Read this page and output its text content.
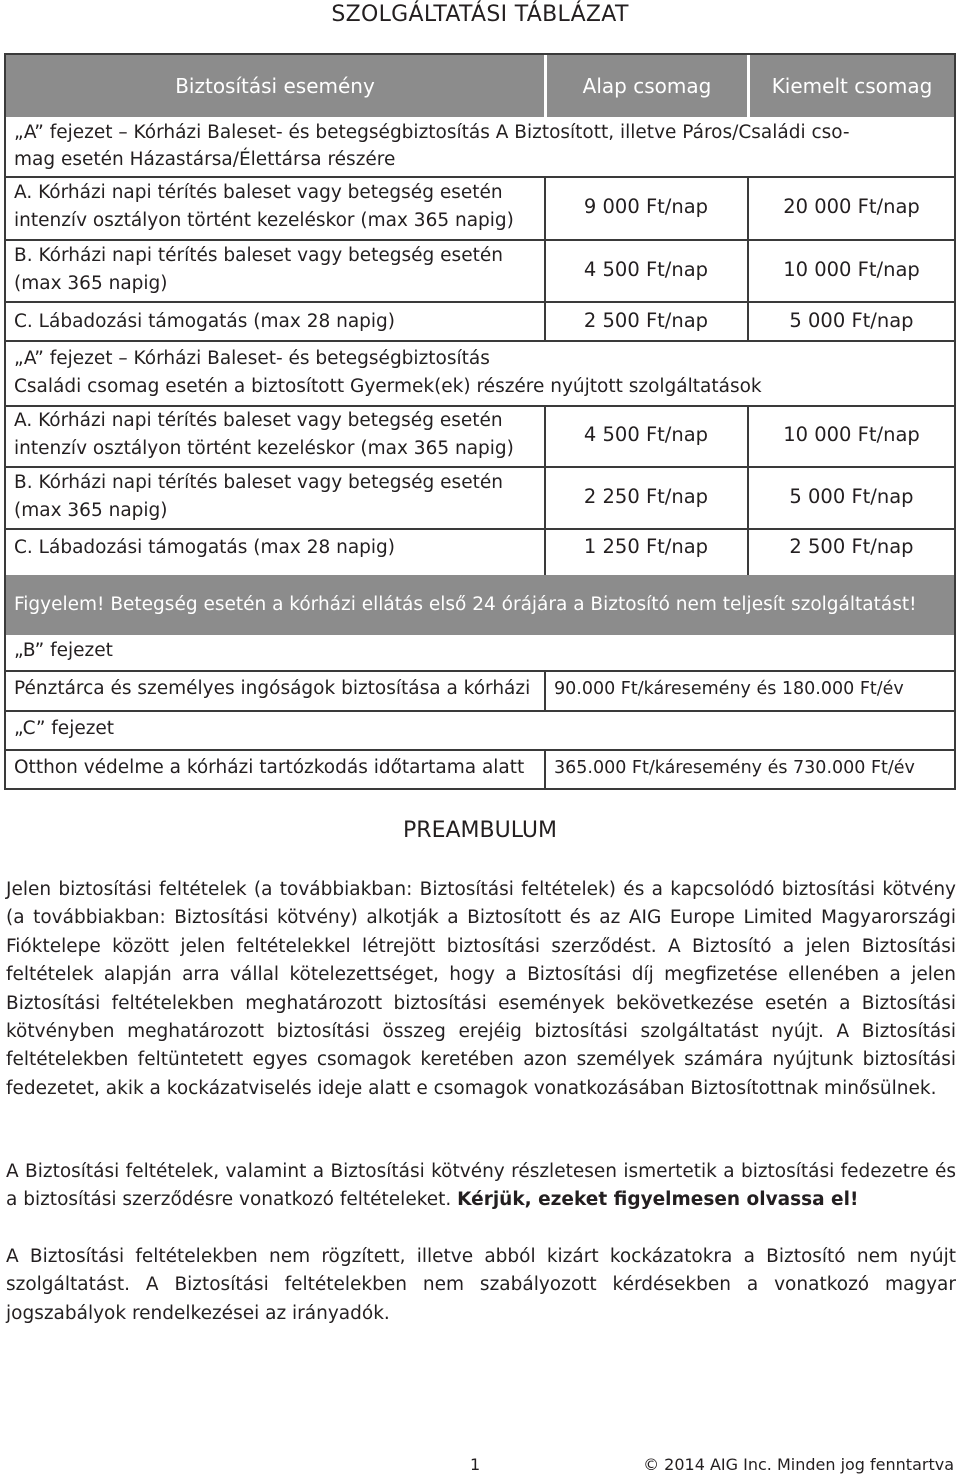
SZOLGÁLTATÁSI TÁBLÁZAT
Biztosítási esemény	Alap csomag	Kiemelt csomag
„A” fejezet – Kórházi Baleset- és betegségbiztosítás A Biztosított, illetve Páros/Családi cso-
mag esetén Házastársa/Élettársa részére
A. Kórházi napi térítés baleset vagy betegség esetén
intenzív osztályon történt kezeléskor (max 365 napig)
9 000 Ft/nap	20 000 Ft/nap
B. Kórházi napi térítés baleset vagy betegség esetén
(max 365 napig)
4 500 Ft/nap	10 000 Ft/nap
C. Lábadozási támogatás (max 28 napig)	2 500 Ft/nap	5 000 Ft/nap
„A” fejezet – Kórházi Baleset- és betegségbiztosítás
Családi csomag esetén a biztosított Gyermek(ek) részére nyújtott szolgáltatások
A. Kórházi napi térítés baleset vagy betegség esetén
intenzív osztályon történt kezeléskor (max 365 napig)
4 500 Ft/nap	10 000 Ft/nap
B. Kórházi napi térítés baleset vagy betegség esetén
(max 365 napig)
2 250 Ft/nap	5 000 Ft/nap
C. Lábadozási támogatás (max 28 napig)	1 250 Ft/nap	2 500 Ft/nap
Figyelem! Betegség esetén a kórházi ellátás első 24 órájára a Biztosító nem teljesít szolgáltatást!
„B” fejezet
Pénztárca és személyes ingóságok biztosítása a kórházi 90.000 Ft/káresemény és 180.000 Ft/év
„C” fejezet
Otthon védelme a kórházi tartózkodás időtartama alatt 365.000 Ft/káresemény és 730.000 Ft/év
PREAMBULUM

Jelen biztosítási feltételek (a továbbiakban: Biztosítási feltételek) és a kapcsolódó biztosítási kötvény (a továbbiakban: Biztosítási kötvény) alkotják a Biztosított és az AIG Europe Limited Magyarországi Fióktelepe között jelen feltételekkel létrejött biztosítási szerződést. A Biztosító a jelen Biztosítási feltételek alapján arra vállal kötelezettséget, hogy a Biztosítási díj megfizetése ellenében a jelen Biztosítási feltételekben meghatározott biztosítási események bekövetkezése esetén a Biztosítási kötvényben meghatározott biztosítási összeg erejéig biztosítási szolgáltatást nyújt. A Biztosítási feltételekben feltüntetett egyes csomagok keretében azon személyek számára nyújtunk biztosítási fedezetet, akik a kockázatviselés ideje alatt e csomagok vonatkozásában Biztosítottnak minősülnek.

A Biztosítási feltételek, valamint a Biztosítási kötvény részletesen ismertetik a biztosítási fedezetre és a biztosítási szerződésre vonatkozó feltételeket. Kérjük, ezeket figyelmesen olvassa el!

A Biztosítási feltételekben nem rögzített, illetve abból kizárt kockázatokra a Biztosító nem nyújt szolgáltatást. A Biztosítási feltételekben nem szabályozott kérdésekben a vonatkozó magyar jogszabályok rendelkezései az irányadók.

1	© 2014 AIG Inc. Minden jog fenntartva
